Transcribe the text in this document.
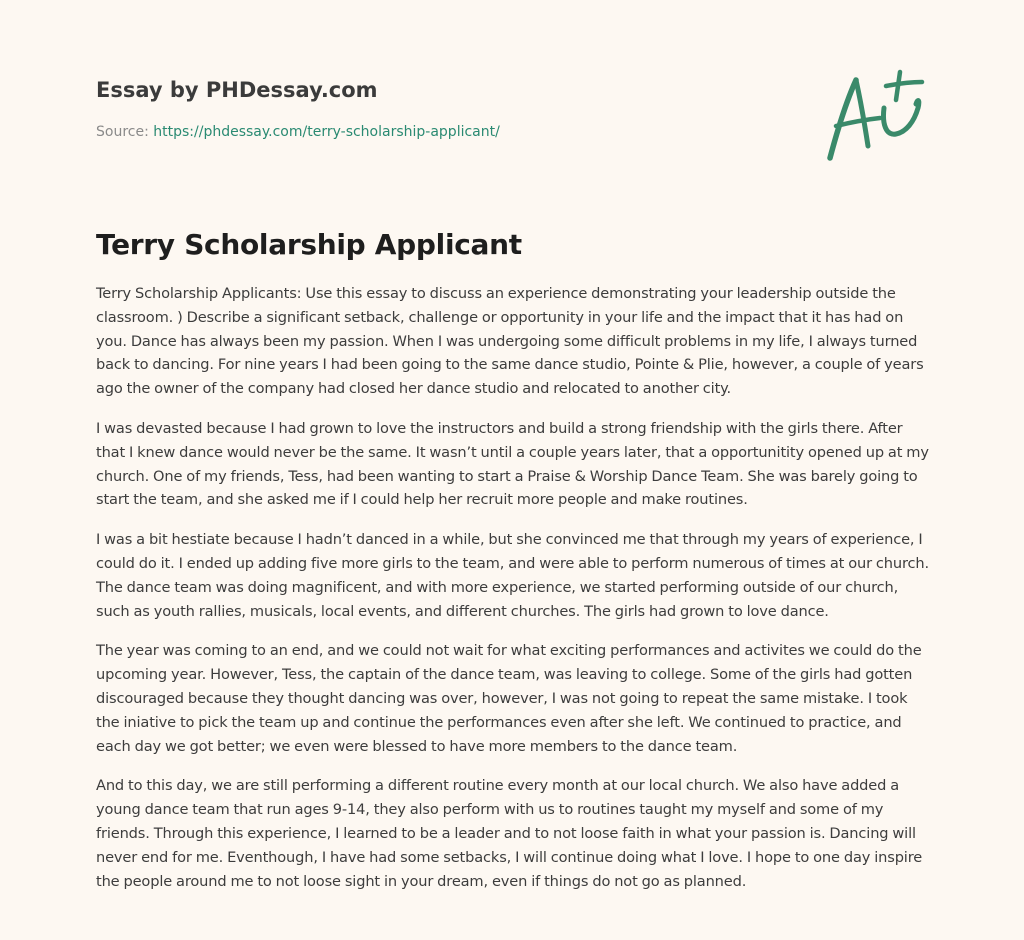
Essay by PHDessay.com

Source: https://phdessay.com/terry-scholarship-applicant/
Terry Scholarship Applicant

Terry Scholarship Applicants: Use this essay to discuss an experience demonstrating your leadership outside the classroom. ) Describe a significant setback, challenge or opportunity in your life and the impact that it has had on you. Dance has always been my passion. When I was undergoing some difficult problems in my life, I always turned back to dancing. For nine years I had been going to the same dance studio, Pointe & Plie, however, a couple of years ago the owner of the company had closed her dance studio and relocated to another city.

I was devasted because I had grown to love the instructors and build a strong friendship with the girls there. After that I knew dance would never be the same. It wasn’t until a couple years later, that a opportunitity opened up at my church. One of my friends, Tess, had been wanting to start a Praise & Worship Dance Team. She was barely going to start the team, and she asked me if I could help her recruit more people and make routines.

I was a bit hestiate because I hadn’t danced in a while, but she convinced me that through my years of experience, I could do it. I ended up adding five more girls to the team, and were able to perform numerous of times at our church. The dance team was doing magnificent, and with more experience, we started performing outside of our church, such as youth rallies, musicals, local events, and different churches. The girls had grown to love dance.

The year was coming to an end, and we could not wait for what exciting performances and activites we could do the upcoming year. However, Tess, the captain of the dance team, was leaving to college. Some of the girls had gotten discouraged because they thought dancing was over, however, I was not going to repeat the same mistake. I took the iniative to pick the team up and continue the performances even after she left. We continued to practice, and each day we got better; we even were blessed to have more members to the dance team.

And to this day, we are still performing a different routine every month at our local church. We also have added a young dance team that run ages 9-14, they also perform with us to routines taught my myself and some of my friends. Through this experience, I learned to be a leader and to not loose faith in what your passion is. Dancing will never end for me. Eventhough, I have had some setbacks, I will continue doing what I love. I hope to one day inspire the people around me to not loose sight in your dream, even if things do not go as planned.
